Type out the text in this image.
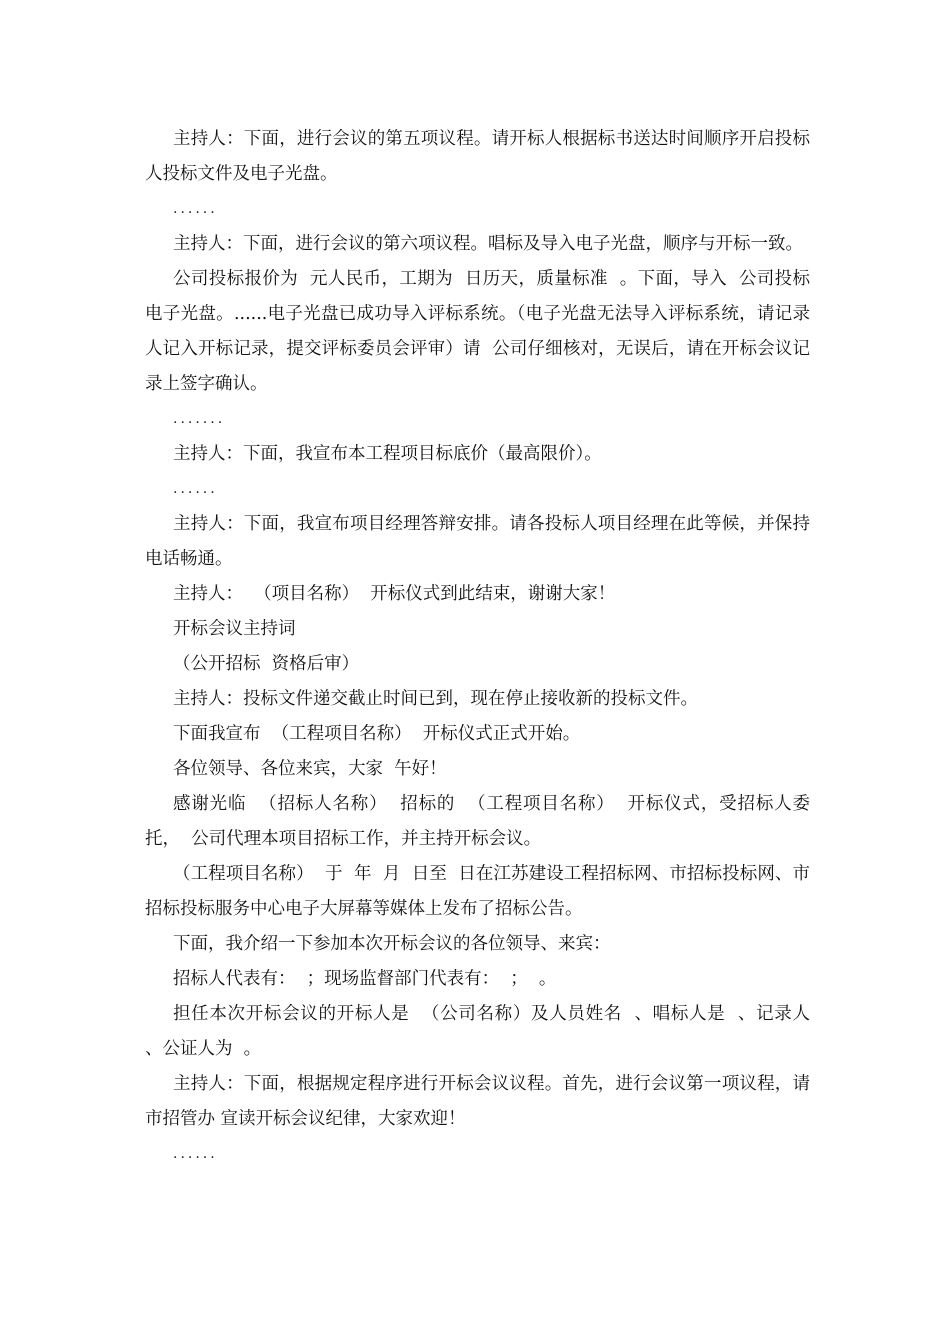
主持人：下面，进行会议的第五项议程。请开标人根据标书送达时间顺序开启投标人投标文件及电子光盘。

......

主持人：下面，进行会议的第六项议程。唱标及导入电子光盘，顺序与开标一致。

公司投标报价为  元人民币，工期为  日历天，质量标准  。下面，导入  公司投标电子光盘。......电子光盘已成功导入评标系统。（电子光盘无法导入评标系统，请记录人记入开标记录，提交评标委员会评审）请  公司仔细核对，无误后，请在开标会议记录上签字确认。

.......

主持人：下面，我宣布本工程项目标底价（最高限价）。

......

主持人：下面，我宣布项目经理答辩安排。请各投标人项目经理在此等候，并保持电话畅通。

主持人：  （项目名称）  开标仪式到此结束，谢谢大家！

开标会议主持词

（公开招标  资格后审）

主持人：投标文件递交截止时间已到，现在停止接收新的投标文件。

下面我宣布  （工程项目名称）  开标仪式正式开始。

各位领导、各位来宾，大家  午好！

感谢光临  （招标人名称）  招标的  （工程项目名称）  开标仪式，受招标人委托，  公司代理本项目招标工作，并主持开标会议。

（工程项目名称）  于  年  月  日至  日在江苏建设工程招标网、市招标投标网、市招标投标服务中心电子大屏幕等媒体上发布了招标公告。

下面，我介绍一下参加本次开标会议的各位领导、来宾：

招标人代表有：  ；现场监督部门代表有：  ；  。

担任本次开标会议的开标人是  （公司名称）及人员姓名  、唱标人是  、记录人  、公证人为  。

主持人：下面，根据规定程序进行开标会议议程。首先，进行会议第一项议程，请市招管办 宣读开标会议纪律，大家欢迎！

......
